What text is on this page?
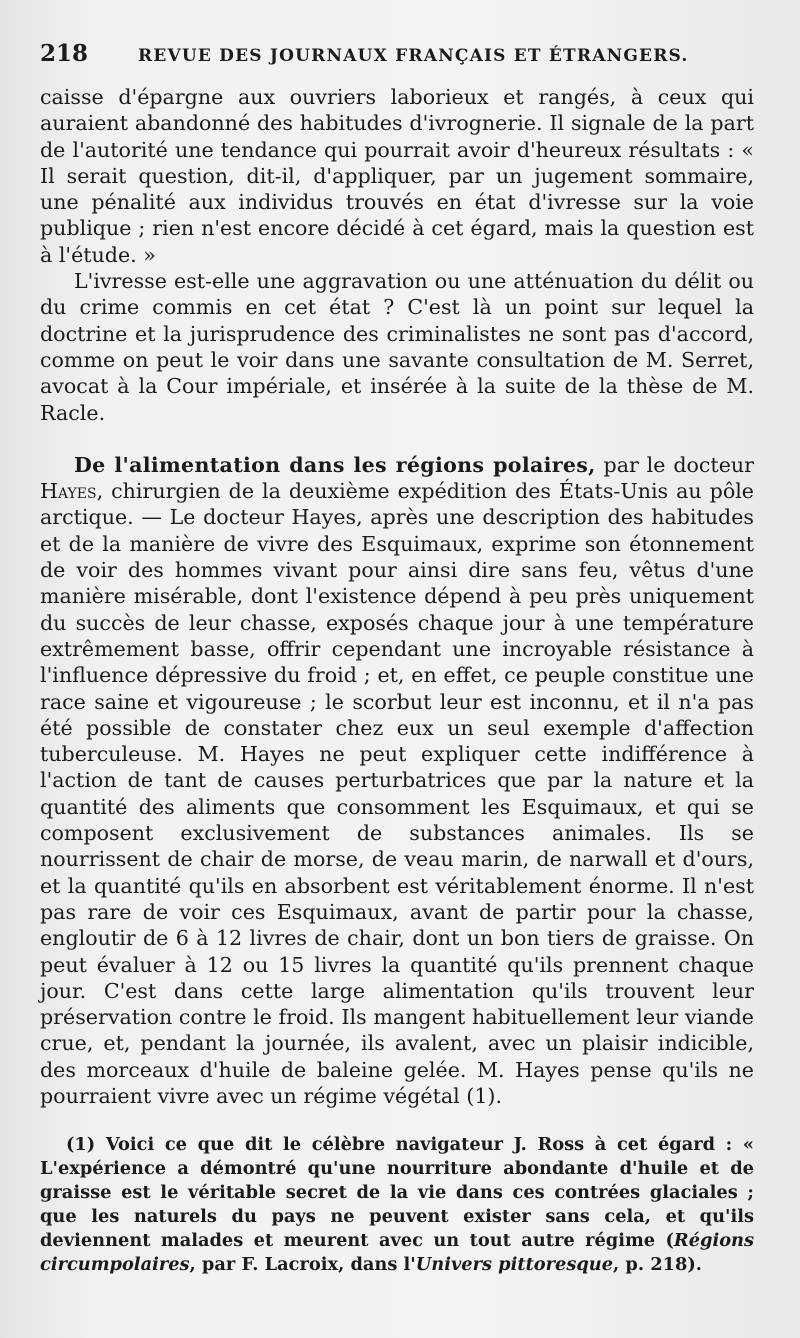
218	REVUE DES JOURNAUX FRANÇAIS ET ÉTRANGERS.

caisse d'épargne aux ouvriers laborieux et rangés, à ceux qui auraient abandonné des habitudes d'ivrognerie. Il signale de la part de l'autorité une tendance qui pourrait avoir d'heureux résultats : « Il serait question, dit-il, d'appliquer, par un jugement sommaire, une pénalité aux individus trouvés en état d'ivresse sur la voie publique ; rien n'est encore décidé à cet égard, mais la question est à l'étude. »

L'ivresse est-elle une aggravation ou une atténuation du délit ou du crime commis en cet état ? C'est là un point sur lequel la doctrine et la jurisprudence des criminalistes ne sont pas d'accord, comme on peut le voir dans une savante consultation de M. Serret, avocat à la Cour impériale, et insérée à la suite de la thèse de M. Racle.

De l'alimentation dans les régions polaires, par le docteur Hayes, chirurgien de la deuxième expédition des États-Unis au pôle arctique. — Le docteur Hayes, après une description des habitudes et de la manière de vivre des Esquimaux, exprime son étonnement de voir des hommes vivant pour ainsi dire sans feu, vêtus d'une manière misérable, dont l'existence dépend à peu près uniquement du succès de leur chasse, exposés chaque jour à une température extrêmement basse, offrir cependant une incroyable résistance à l'influence dépressive du froid ; et, en effet, ce peuple constitue une race saine et vigoureuse ; le scorbut leur est inconnu, et il n'a pas été possible de constater chez eux un seul exemple d'affection tuberculeuse. M. Hayes ne peut expliquer cette indifférence à l'action de tant de causes perturbatrices que par la nature et la quantité des aliments que consomment les Esquimaux, et qui se composent exclusivement de substances animales. Ils se nourrissent de chair de morse, de veau marin, de narwall et d'ours, et la quantité qu'ils en absorbent est véritablement énorme. Il n'est pas rare de voir ces Esquimaux, avant de partir pour la chasse, engloutir de 6 à 12 livres de chair, dont un bon tiers de graisse. On peut évaluer à 12 ou 15 livres la quantité qu'ils prennent chaque jour. C'est dans cette large alimentation qu'ils trouvent leur préservation contre le froid. Ils mangent habituellement leur viande crue, et, pendant la journée, ils avalent, avec un plaisir indicible, des morceaux d'huile de baleine gelée. M. Hayes pense qu'ils ne pourraient vivre avec un régime végétal (1).

(1) Voici ce que dit le célèbre navigateur J. Ross à cet égard : « L'expérience a démontré qu'une nourriture abondante d'huile et de graisse est le véritable secret de la vie dans ces contrées glaciales ; que les naturels du pays ne peuvent exister sans cela, et qu'ils deviennent malades et meurent avec un tout autre régime (Régions circumpolaires, par F. Lacroix, dans l'Univers pittoresque, p. 218).
